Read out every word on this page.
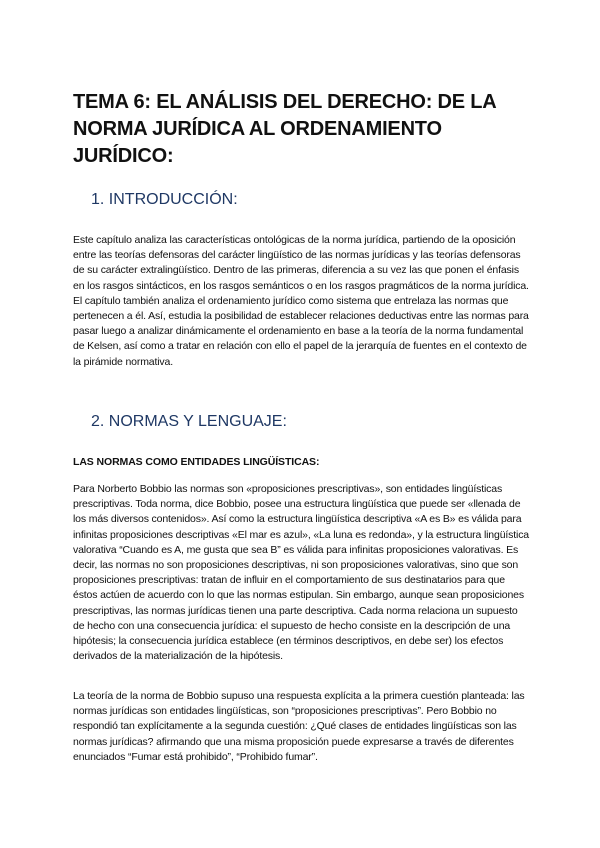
TEMA 6: EL ANÁLISIS DEL DERECHO: DE LA NORMA JURÍDICA AL ORDENAMIENTO JURÍDICO:
1. INTRODUCCIÓN:

Este capítulo analiza las características ontológicas de la norma jurídica, partiendo de la oposición entre las teorías defensoras del carácter lingüístico de las normas jurídicas y las teorías defensoras de su carácter extralingüístico. Dentro de las primeras, diferencia a su vez las que ponen el énfasis en los rasgos sintácticos, en los rasgos semánticos o en los rasgos pragmáticos de la norma jurídica. El capítulo también analiza el ordenamiento jurídico como sistema que entrelaza las normas que pertenecen a él. Así, estudia la posibilidad de establecer relaciones deductivas entre las normas para pasar luego a analizar dinámicamente el ordenamiento en base a la teoría de la norma fundamental de Kelsen, así como a tratar en relación con ello el papel de la jerarquía de fuentes en el contexto de la pirámide normativa.

2. NORMAS Y LENGUAJE:
LAS NORMAS COMO ENTIDADES LINGÜÍSTICAS:

Para Norberto Bobbio las normas son «proposiciones prescriptivas», son entidades lingüísticas prescriptivas. Toda norma, dice Bobbio, posee una estructura lingüística que puede ser «llenada de los más diversos contenidos». Así como la estructura lingüística descriptiva «A es B» es válida para infinitas proposiciones descriptivas «El mar es azul», «La luna es redonda», y la estructura lingüística valorativa “Cuando es A, me gusta que sea B” es válida para infinitas proposiciones valorativas. Es decir, las normas no son proposiciones descriptivas, ni son proposiciones valorativas, sino que son proposiciones prescriptivas: tratan de influir en el comportamiento de sus destinatarios para que éstos actúen de acuerdo con lo que las normas estipulan. Sin embargo, aunque sean proposiciones prescriptivas, las normas jurídicas tienen una parte descriptiva. Cada norma relaciona un supuesto de hecho con una consecuencia jurídica: el supuesto de hecho consiste en la descripción de una hipótesis; la consecuencia jurídica establece (en términos descriptivos, en debe ser) los efectos derivados de la materialización de la hipótesis.

La teoría de la norma de Bobbio supuso una respuesta explícita a la primera cuestión planteada: las normas jurídicas son entidades lingüísticas, son “proposiciones prescriptivas”. Pero Bobbio no respondió tan explícitamente a la segunda cuestión: ¿Qué clases de entidades lingüísticas son las normas jurídicas? afirmando que una misma proposición puede expresarse a través de diferentes enunciados “Fumar está prohibido”, “Prohibido fumar”.
